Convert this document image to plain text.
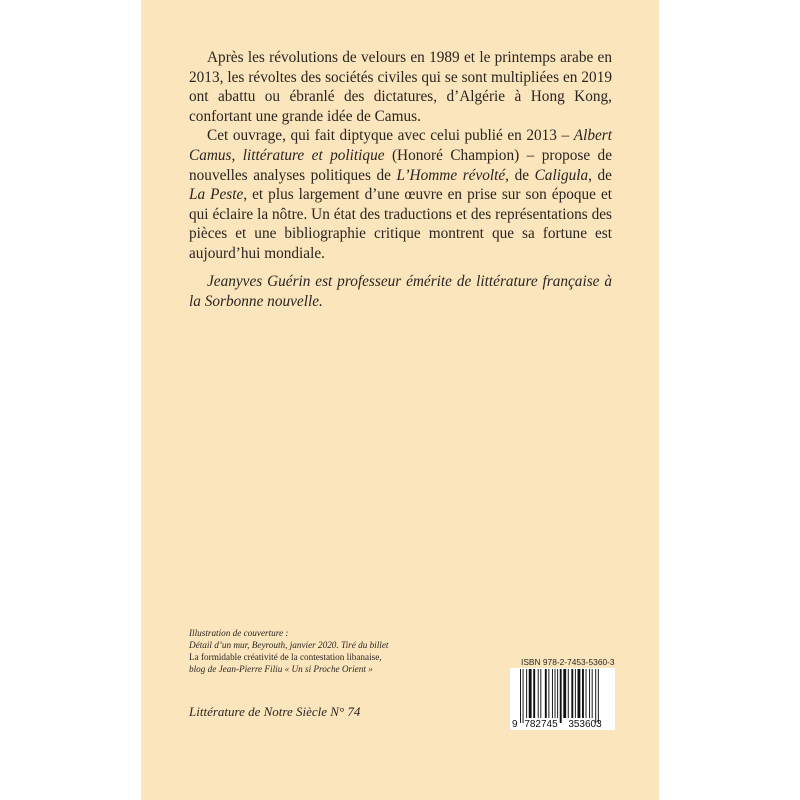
Après les révolutions de velours en 1989 et le printemps arabe en 2013, les révoltes des sociétés civiles qui se sont multipliées en 2019 ont abattu ou ébranlé des dictatures, d’Algérie à Hong Kong, confortant une grande idée de Camus.

Cet ouvrage, qui fait diptyque avec celui publié en 2013 – Albert Camus, littérature et politique (Honoré Champion) – propose de nouvelles analyses politiques de L’Homme révolté, de Caligula, de La Peste, et plus largement d’une œuvre en prise sur son époque et qui éclaire la nôtre. Un état des traductions et des représentations des pièces et une bibliographie critique montrent que sa fortune est aujourd’hui mondiale.

Jeanyves Guérin est professeur émérite de littérature française à la Sorbonne nouvelle.

Illustration de couverture :
Détail d’un mur, Beyrouth, janvier 2020. Tiré du billet
La formidable créativité de la contestation libanaise,
blog de Jean-Pierre Filiu « Un si Proche Orient »
Littérature de Notre Siècle N° 74
ISBN 978-2-7453-5360-3
9 782745 353603
